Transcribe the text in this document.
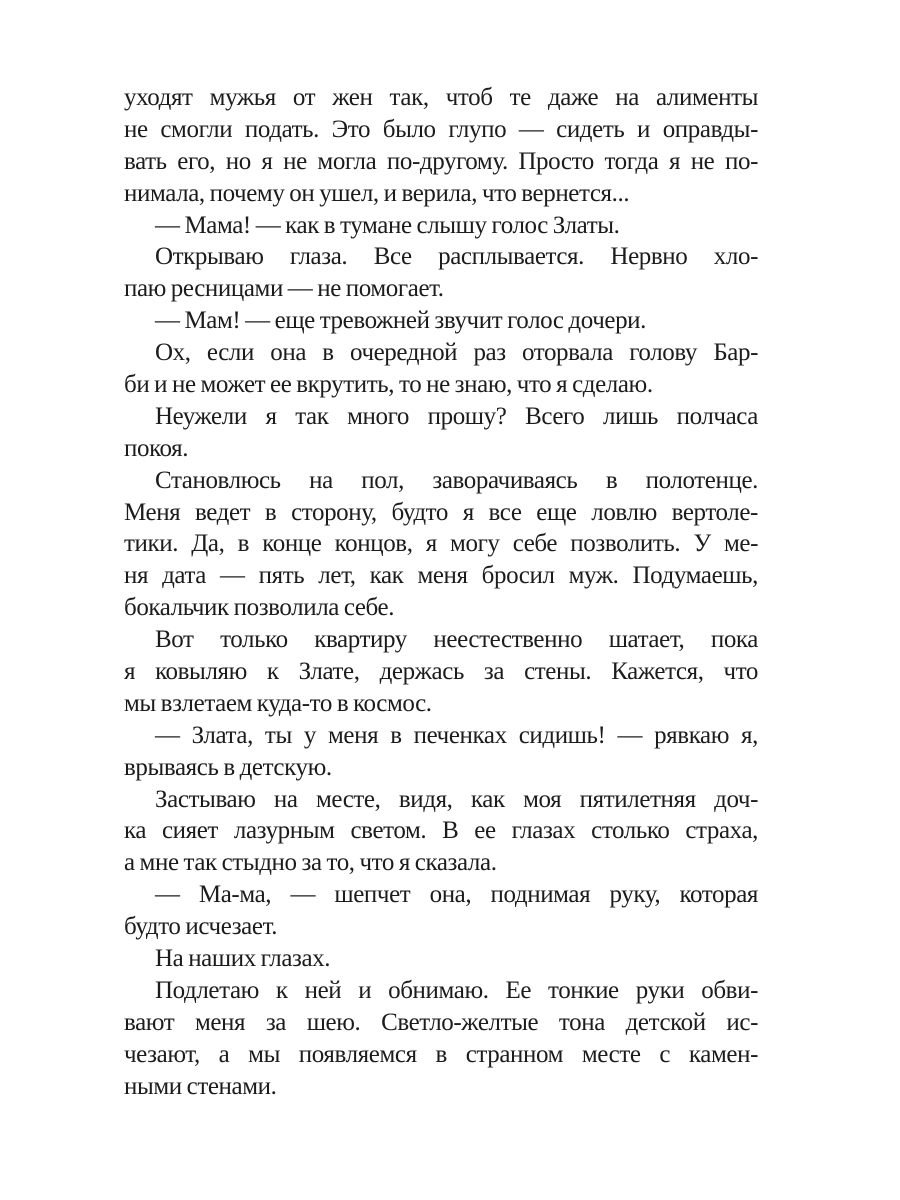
уходят мужья от жен так, чтоб те даже на алименты
не смогли подать. Это было глупо — сидеть и оправды-
вать его, но я не могла по-другому. Просто тогда я не по-
нимала, почему он ушел, и верила, что вернется...
— Мама! — как в тумане слышу голос Златы.
Открываю глаза. Все расплывается. Нервно хло-
паю ресницами — не помогает.
— Мам! — еще тревожней звучит голос дочери.
Ох, если она в очередной раз оторвала голову Бар-
би и не может ее вкрутить, то не знаю, что я сделаю.
Неужели я так много прошу? Всего лишь полчаса
покоя.
Становлюсь на пол, заворачиваясь в полотенце.
Меня ведет в сторону, будто я все еще ловлю вертоле-
тики. Да, в конце концов, я могу себе позволить. У ме-
ня дата — пять лет, как меня бросил муж. Подумаешь,
бокальчик позволила себе.
Вот только квартиру неестественно шатает, пока
я ковыляю к Злате, держась за стены. Кажется, что
мы взлетаем куда-то в космос.
— Злата, ты у меня в печенках сидишь! — рявкаю я,
врываясь в детскую.
Застываю на месте, видя, как моя пятилетняя доч-
ка сияет лазурным светом. В ее глазах столько страха,
а мне так стыдно за то, что я сказала.
— Ма-ма, — шепчет она, поднимая руку, которая
будто исчезает.
На наших глазах.
Подлетаю к ней и обнимаю. Ее тонкие руки обви-
вают меня за шею. Светло-желтые тона детской ис-
чезают, а мы появляемся в странном месте с камен-
ными стенами.
